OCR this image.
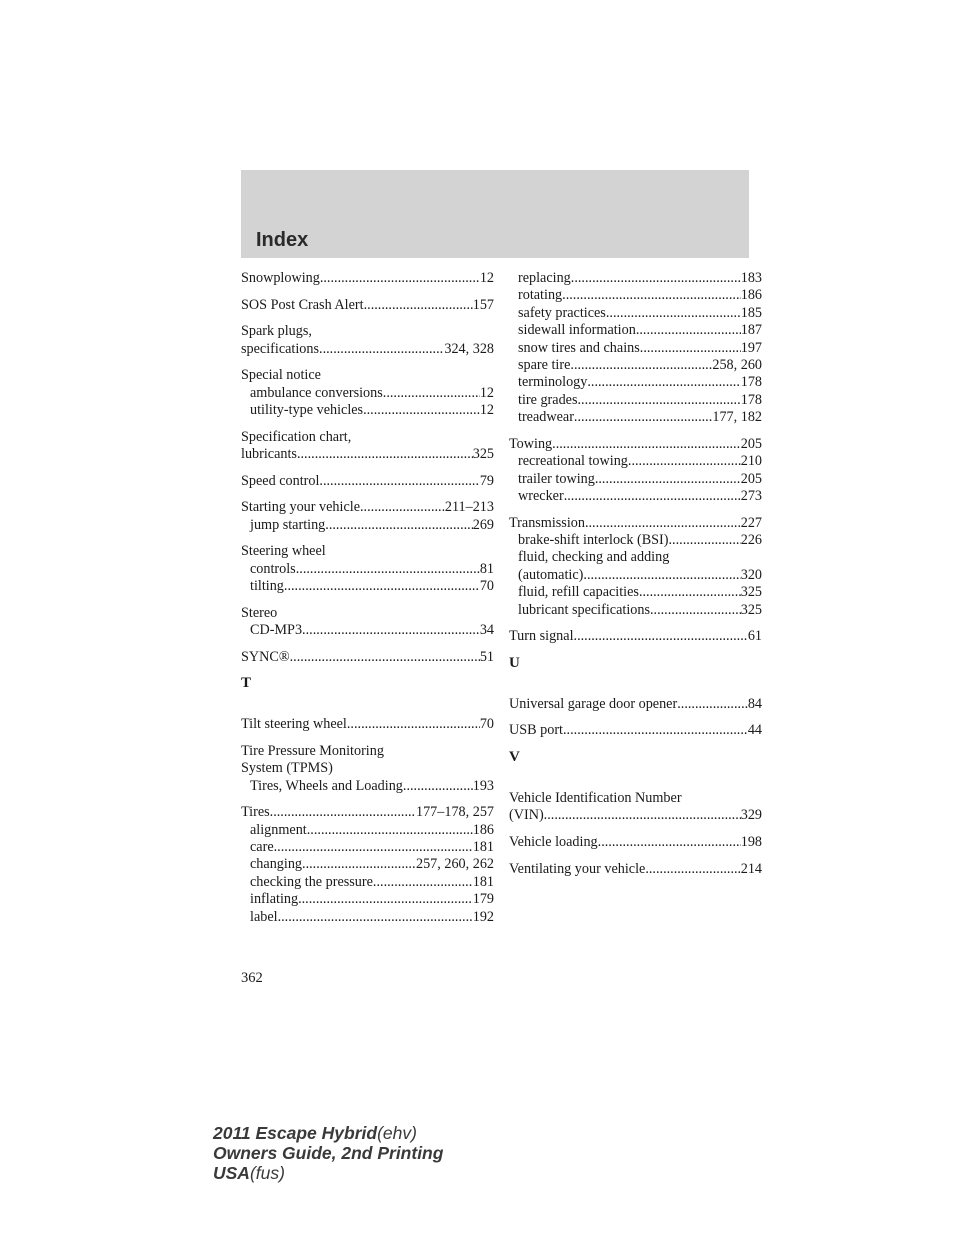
Index
Snowplowing .....	12
SOS Post Crash Alert .....	157
Spark plugs,
specifications .....	324, 328
Special notice
ambulance conversions .....	12
utility-type vehicles .....	12
Specification chart,
lubricants .....	325
Speed control .....	79
Starting your vehicle .....	211–213
jump starting .....	269
Steering wheel
controls .....	81
tilting .....	70
Stereo
CD-MP3 .....	34
SYNC® .....	51
T
Tilt steering wheel .....	70
Tire Pressure Monitoring
System (TPMS)
Tires, Wheels and Loading .....	193
Tires .....	177–178, 257
alignment .....	186
care .....	181
changing .....	257, 260, 262
checking the pressure .....	181
inflating .....	179
label .....	192
replacing .....	183
rotating .....	186
safety practices .....	185
sidewall information .....	187
snow tires and chains .....	197
spare tire .....	258, 260
terminology .....	178
tire grades .....	178
treadwear .....	177, 182
Towing .....	205
recreational towing .....	210
trailer towing .....	205
wrecker .....	273
Transmission .....	227
brake-shift interlock (BSI) .....	226
fluid, checking and adding
(automatic) .....	320
fluid, refill capacities .....	325
lubricant specifications .....	325
Turn signal .....	61
U
Universal garage door opener .....	84
USB port .....	44
V
Vehicle Identification Number
(VIN) .....	329
Vehicle loading .....	198
Ventilating your vehicle .....	214
362
2011 Escape Hybrid(ehv)
Owners Guide, 2nd Printing
USA(fus)
